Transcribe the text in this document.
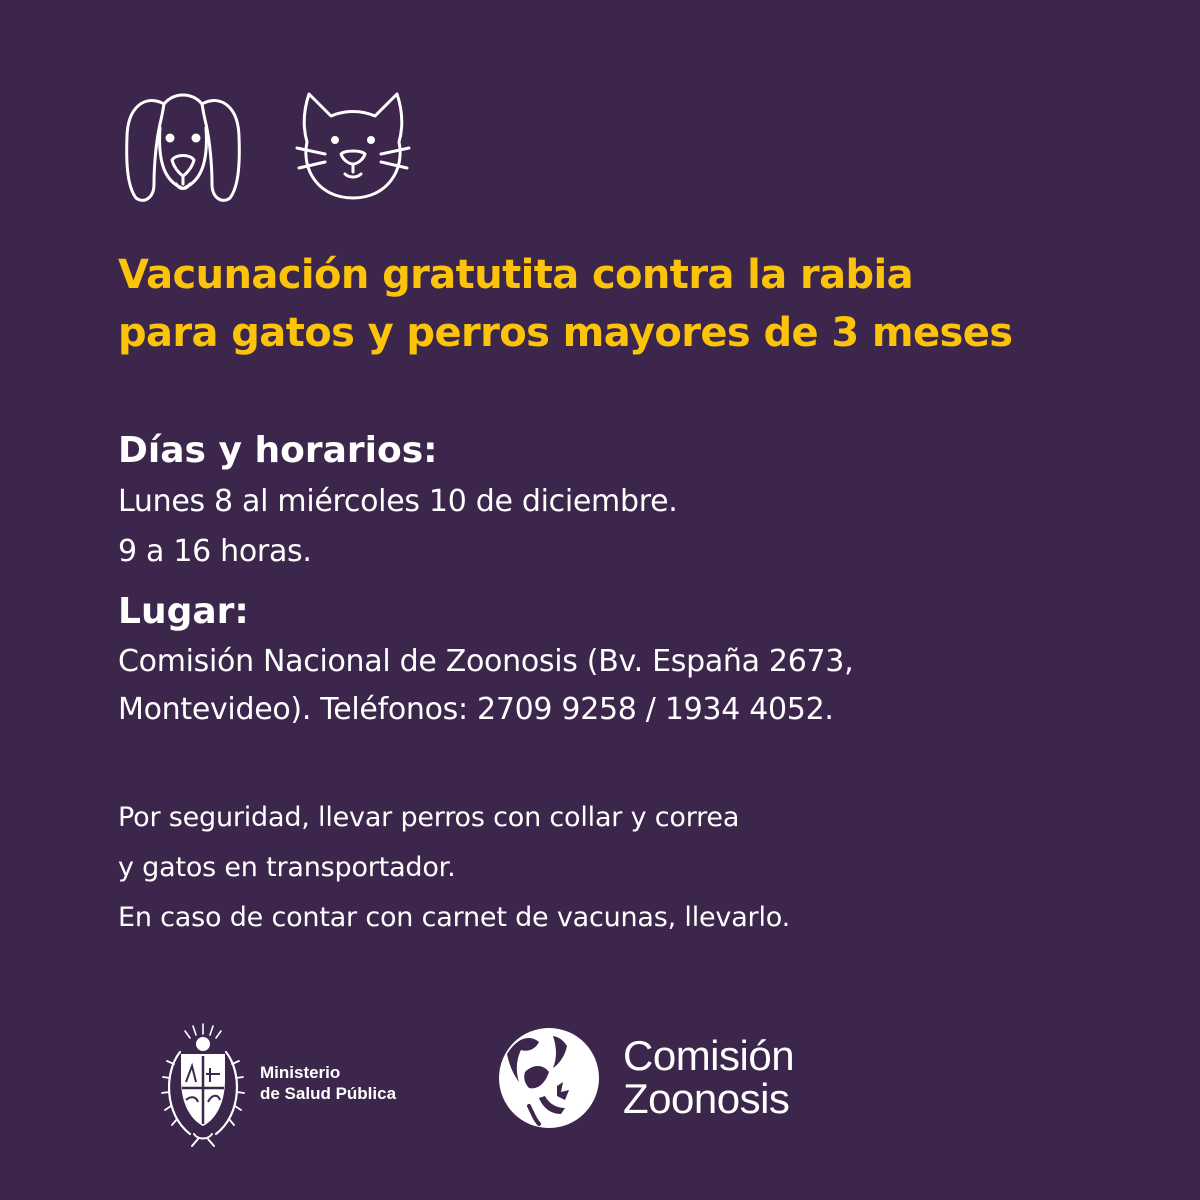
Vacunación gratutita contra la rabia
para gatos y perros mayores de 3 meses
Días y horarios:
Lunes 8 al miércoles 10 de diciembre.
9 a 16 horas.
Lugar:
Comisión Nacional de Zoonosis (Bv. España 2673,
Montevideo). Teléfonos: 2709 9258 / 1934 4052.
Por seguridad, llevar perros con collar y correa
y gatos en transportador.
En caso de contar con carnet de vacunas, llevarlo.
Ministerio
de Salud Pública
Comisión
Zoonosis
